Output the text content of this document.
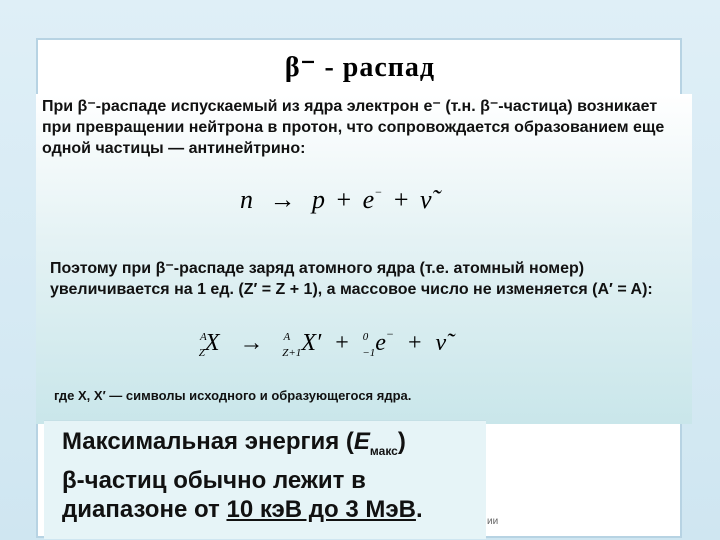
β⁻ - распад
При β⁻-распаде испускаемый из ядра электрон e⁻ (т.н. β⁻-частица) возникает при превращении нейтрона в протон, что сопровождается образованием еще одной частицы — антинейтрино:
n → p + e− + ν̃
Поэтому при β⁻-распаде заряд атомного ядра (т.е. атомный номер) увеличивается на 1 ед. (Z′ = Z + 1), а массовое число не изменяется (A′ = A):
$^A_Z$X → $^A_{Z+1}$X′ + $^0_{-1}$e− + ν̃
где X, X′ — символы исходного и образующегося ядра.
Максимальная энергия $(E_{макс})$
β-частиц обычно лежит в
диапазоне от 10 кэВ до 3 МэВ.	ии
